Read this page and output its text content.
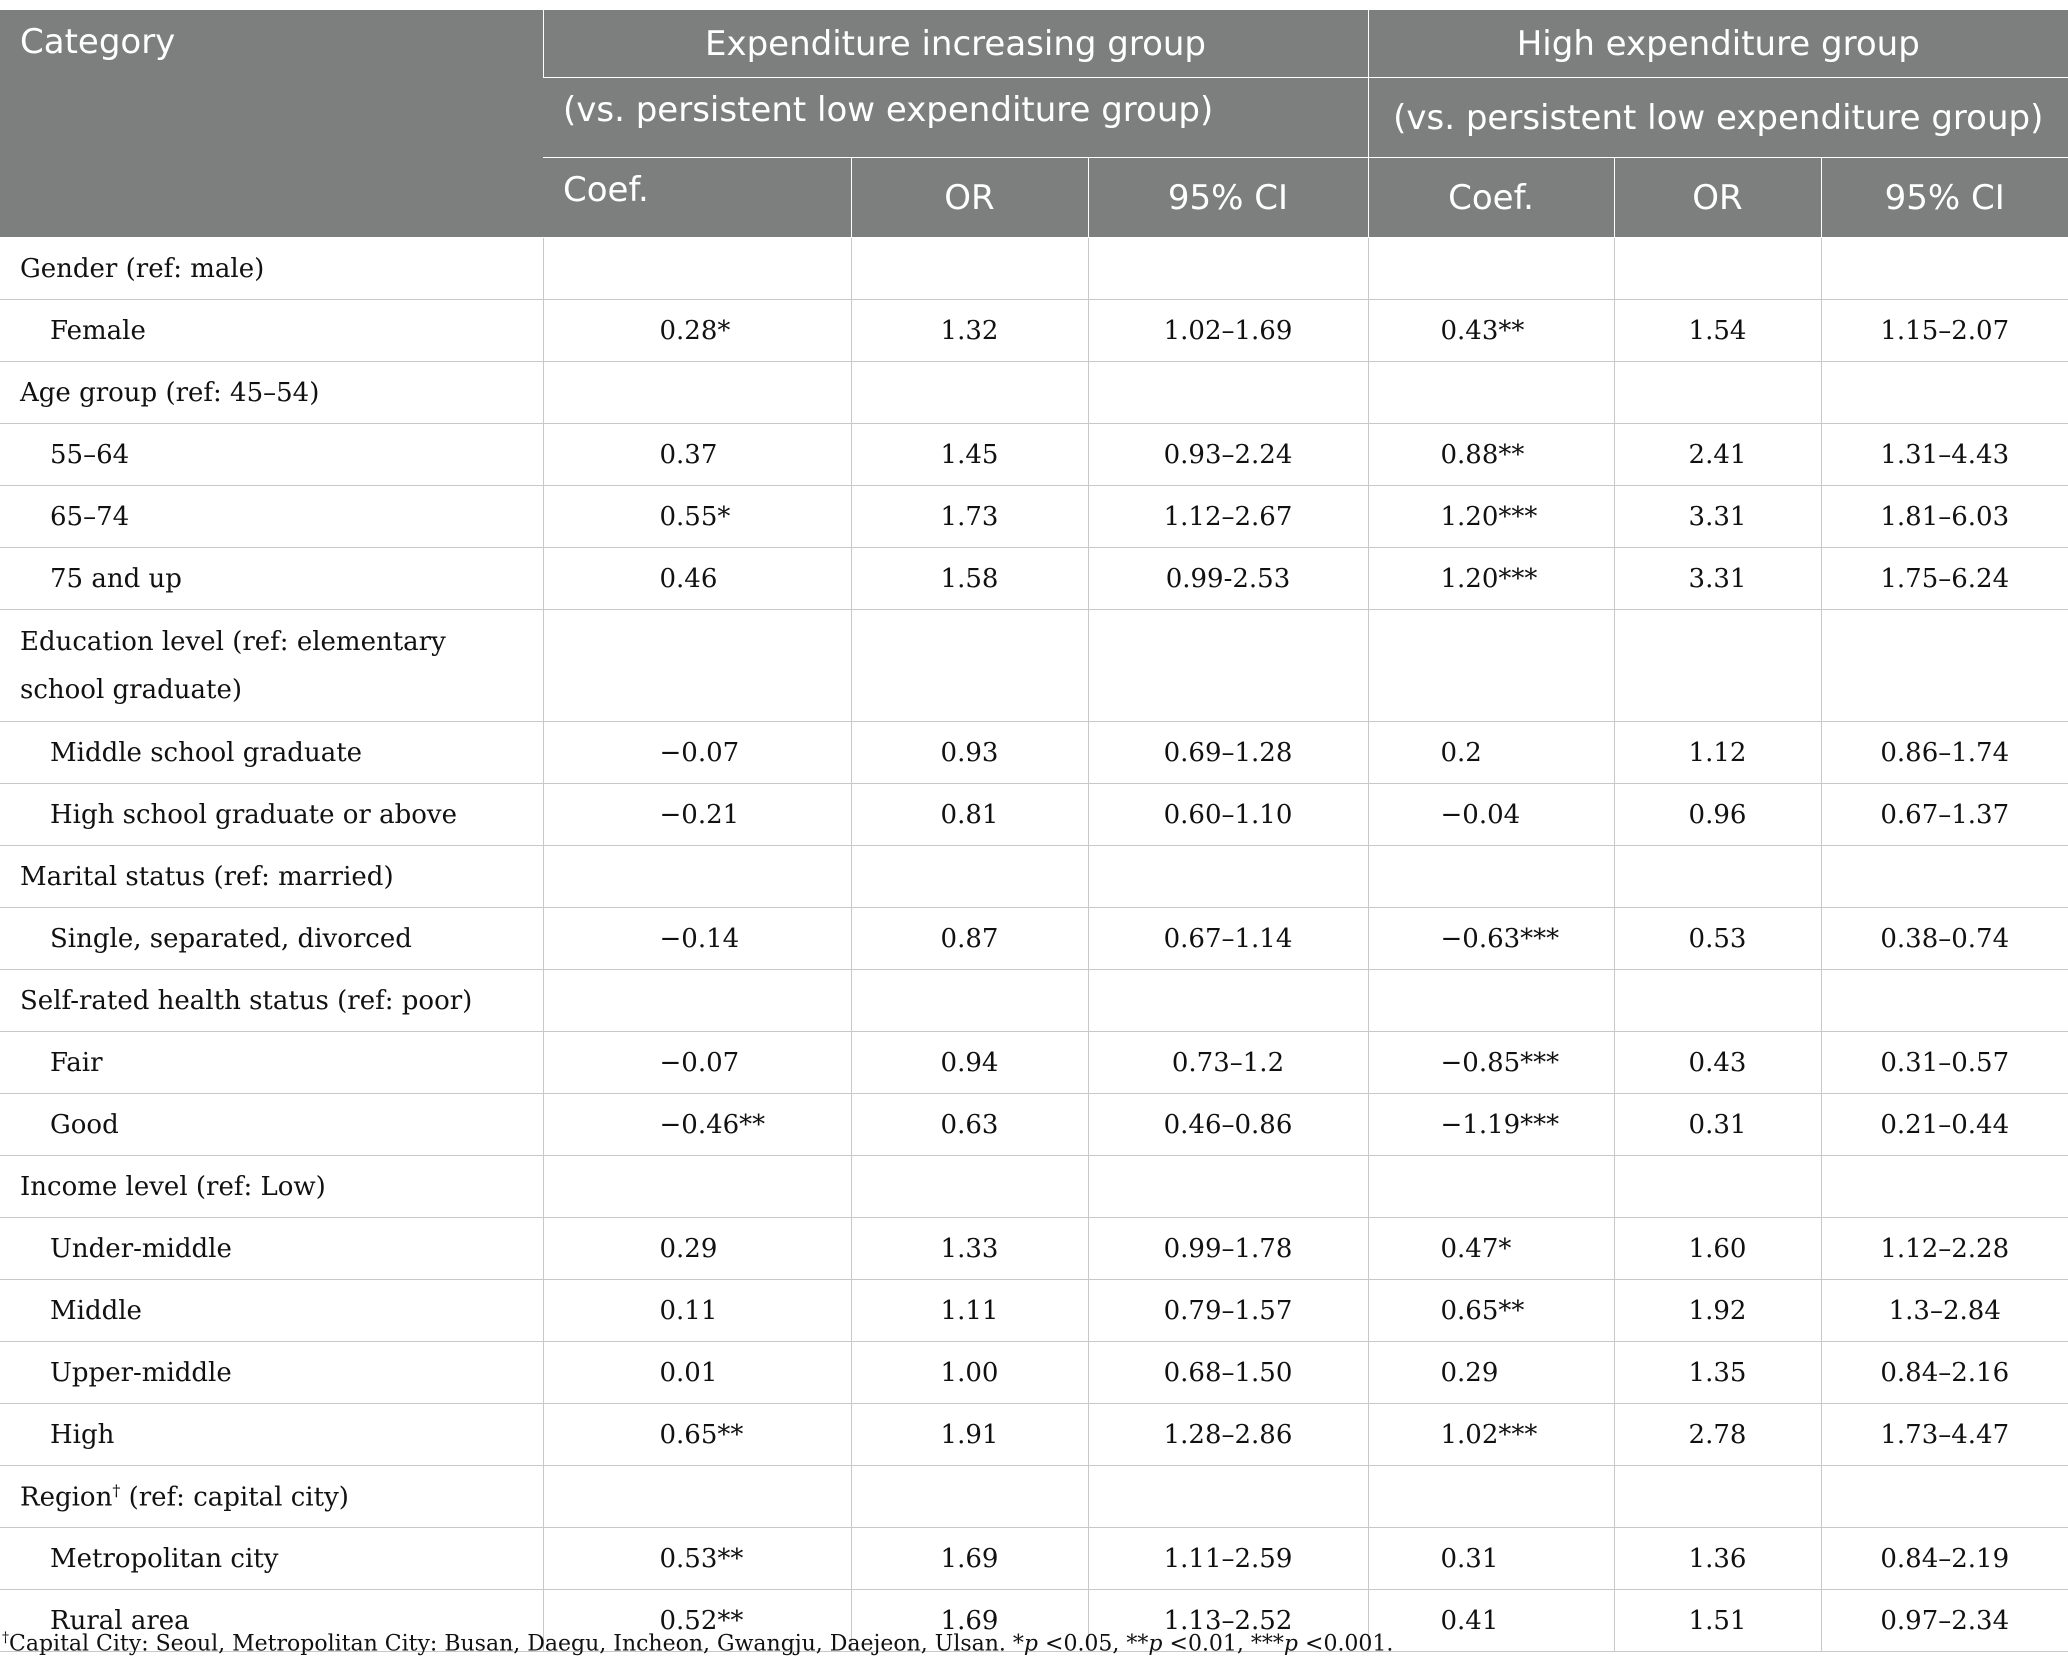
Category	Expenditure increasing group			High expenditure group		
	(vs. persistent low expenditure group)			(vs. persistent low expenditure group)		
	Coef.	OR	95% CI	Coef.	OR	95% CI
Gender (ref: male)						
Female	0.28*	1.32	1.02–1.69	0.43**	1.54	1.15–2.07
Age group (ref: 45–54)						
55–64	0.37	1.45	0.93–2.24	0.88**	2.41	1.31–4.43
65–74	0.55*	1.73	1.12–2.67	1.20***	3.31	1.81–6.03
75 and up	0.46	1.58	0.99-2.53	1.20***	3.31	1.75–6.24
Education level (ref: elementary school graduate)						
Middle school graduate	−0.07	0.93	0.69–1.28	0.2	1.12	0.86–1.74
High school graduate or above	−0.21	0.81	0.60–1.10	−0.04	0.96	0.67–1.37
Marital status (ref: married)						
Single, separated, divorced	−0.14	0.87	0.67–1.14	−0.63***	0.53	0.38–0.74
Self-rated health status (ref: poor)						
Fair	−0.07	0.94	0.73–1.2	−0.85***	0.43	0.31–0.57
Good	−0.46**	0.63	0.46–0.86	−1.19***	0.31	0.21–0.44
Income level (ref: Low)						
Under-middle	0.29	1.33	0.99–1.78	0.47*	1.60	1.12–2.28
Middle	0.11	1.11	0.79–1.57	0.65**	1.92	1.3–2.84
Upper-middle	0.01	1.00	0.68–1.50	0.29	1.35	0.84–2.16
High	0.65**	1.91	1.28–2.86	1.02***	2.78	1.73–4.47
Region† (ref: capital city)						
Metropolitan city	0.53**	1.69	1.11–2.59	0.31	1.36	0.84–2.19
Rural area	0.52**	1.69	1.13–2.52	0.41	1.51	0.97–2.34
†Capital City: Seoul, Metropolitan City: Busan, Daegu, Incheon, Gwangju, Daejeon, Ulsan. *p <0.05, **p <0.01, ***p <0.001.
